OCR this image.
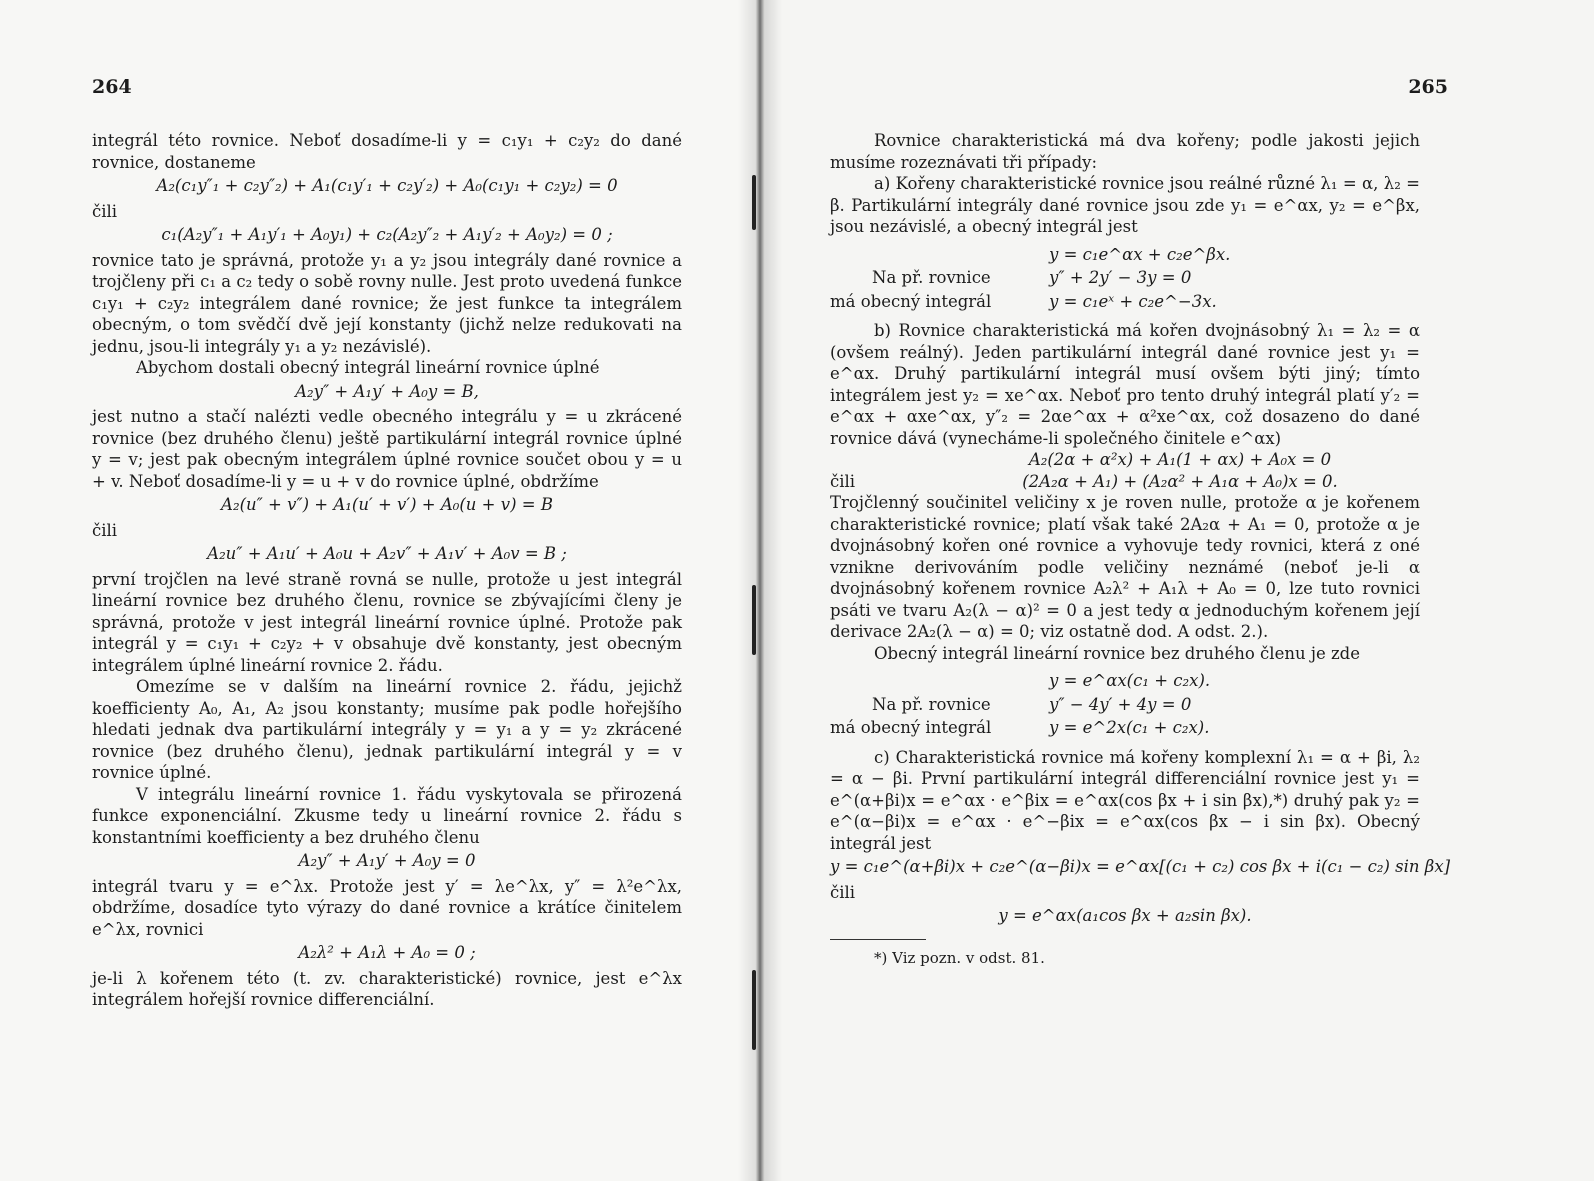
264

integrál této rovnice. Neboť dosadíme-li y = c₁y₁ + c₂y₂ do dané rovnice, dostaneme

A₂(c₁y″₁ + c₂y″₂) + A₁(c₁y′₁ + c₂y′₂) + A₀(c₁y₁ + c₂y₂) = 0
čili
c₁(A₂y″₁ + A₁y′₁ + A₀y₁) + c₂(A₂y″₂ + A₁y′₂ + A₀y₂) = 0 ;

rovnice tato je správná, protože y₁ a y₂ jsou integrály dané rovnice a trojčleny při c₁ a c₂ tedy o sobě rovny nulle. Jest proto uvedená funkce c₁y₁ + c₂y₂ integrálem dané rovnice; že jest funkce ta integrálem obecným, o tom svědčí dvě její konstanty (jichž nelze redukovati na jednu, jsou-li integrály y₁ a y₂ nezávislé).

Abychom dostali obecný integrál lineární rovnice úplné

A₂y″ + A₁y′ + A₀y = B,

jest nutno a stačí nalézti vedle obecného integrálu y = u zkrácené rovnice (bez druhého členu) ještě partikulární integrál rovnice úplné y = v; jest pak obecným integrálem úplné rovnice součet obou y = u + v. Neboť dosadíme-li y = u + v do rovnice úplné, obdržíme

A₂(u″ + v″) + A₁(u′ + v′) + A₀(u + v) = B
čili
A₂u″ + A₁u′ + A₀u + A₂v″ + A₁v′ + A₀v = B ;

první trojčlen na levé straně rovná se nulle, protože u jest integrál lineární rovnice bez druhého členu, rovnice se zbývajícími členy je správná, protože v jest integrál lineární rovnice úplné. Protože pak integrál y = c₁y₁ + c₂y₂ + v obsahuje dvě konstanty, jest obecným integrálem úplné lineární rovnice 2. řádu.

Omezíme se v dalším na lineární rovnice 2. řádu, jejichž koefficienty A₀, A₁, A₂ jsou konstanty; musíme pak podle hořejšího hledati jednak dva partikulární integrály y = y₁ a y = y₂ zkrácené rovnice (bez druhého členu), jednak partikulární integrál y = v rovnice úplné.

V integrálu lineární rovnice 1. řádu vyskytovala se přirozená funkce exponenciální. Zkusme tedy u lineární rovnice 2. řádu s konstantními koefficienty a bez druhého členu

A₂y″ + A₁y′ + A₀y = 0

integrál tvaru y = e^λx. Protože jest y′ = λe^λx, y″ = λ²e^λx, obdržíme, dosadíce tyto výrazy do dané rovnice a krátíce činitelem e^λx, rovnici

A₂λ² + A₁λ + A₀ = 0 ;

je-li λ kořenem této (t. zv. charakteristické) rovnice, jest e^λx integrálem hořejší rovnice differenciální.

265

Rovnice charakteristická má dva kořeny; podle jakosti jejich musíme rozeznávati tři případy:

a) Kořeny charakteristické rovnice jsou reálné různé λ₁ = α, λ₂ = β. Partikulární integrály dané rovnice jsou zde y₁ = e^αx, y₂ = e^βx, jsou nezávislé, a obecný integrál jest

y = c₁e^αx + c₂e^βx.
Na př. rovnice	y″ + 2y′ − 3y = 0
má obecný integrál	y = c₁eˣ + c₂e^−3x.

b) Rovnice charakteristická má kořen dvojnásobný λ₁ = λ₂ = α (ovšem reálný). Jeden partikulární integrál dané rovnice jest y₁ = e^αx. Druhý partikulární integrál musí ovšem býti jiný; tímto integrálem jest y₂ = xe^αx. Neboť pro tento druhý integrál platí y′₂ = e^αx + αxe^αx, y″₂ = 2αe^αx + α²xe^αx, což dosazeno do dané rovnice dává (vynecháme-li společného činitele e^αx)

A₂(2α + α²x) + A₁(1 + αx) + A₀x = 0
čili	(2A₂α + A₁) + (A₂α² + A₁α + A₀)x = 0.

Trojčlenný součinitel veličiny x je roven nulle, protože α je kořenem charakteristické rovnice; platí však také 2A₂α + A₁ = 0, protože α je dvojnásobný kořen oné rovnice a vyhovuje tedy rovnici, která z oné vznikne derivováním podle veličiny neznámé (neboť je-li α dvojnásobný kořenem rovnice A₂λ² + A₁λ + A₀ = 0, lze tuto rovnici psáti ve tvaru A₂(λ − α)² = 0 a jest tedy α jednoduchým kořenem její derivace 2A₂(λ − α) = 0; viz ostatně dod. A odst. 2.).

Obecný integrál lineární rovnice bez druhého členu je zde

y = e^αx(c₁ + c₂x).
Na př. rovnice	y″ − 4y′ + 4y = 0
má obecný integrál	y = e^2x(c₁ + c₂x).

c) Charakteristická rovnice má kořeny komplexní λ₁ = α + βi, λ₂ = α − βi. První partikulární integrál differenciální rovnice jest y₁ = e^(α+βi)x = e^αx · e^βix = e^αx(cos βx + i sin βx),*) druhý pak y₂ = e^(α−βi)x = e^αx · e^−βix = e^αx(cos βx − i sin βx). Obecný integrál jest

y = c₁e^(α+βi)x + c₂e^(α−βi)x = e^αx[(c₁ + c₂) cos βx + i(c₁ − c₂) sin βx]
čili
y = e^αx(a₁cos βx + a₂sin βx).
*) Viz pozn. v odst. 81.
